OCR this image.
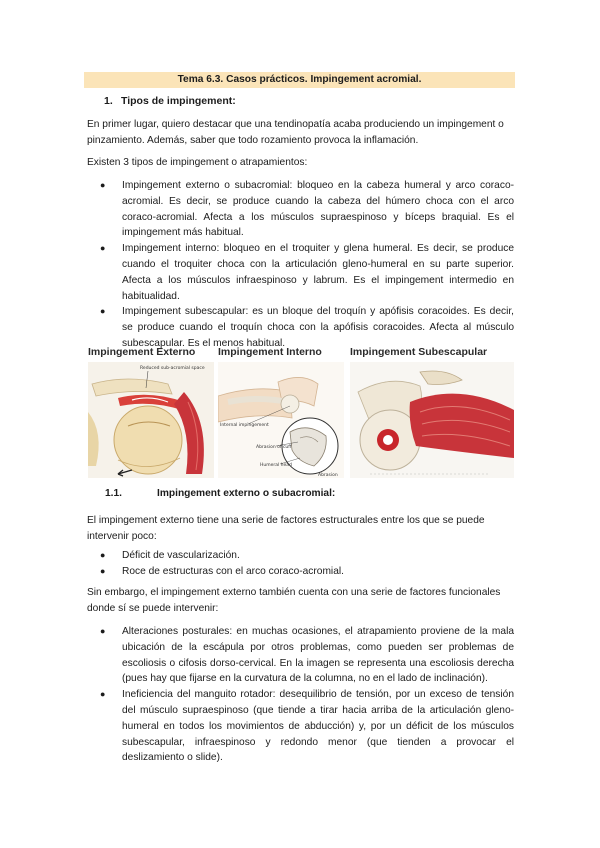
Tema 6.3. Casos prácticos. Impingement acromial.
1. Tipos de impingement:
En primer lugar, quiero destacar que una tendinopatía acaba produciendo un impingement o pinzamiento. Además, saber que todo rozamiento provoca la inflamación.
Existen 3 tipos de impingement o atrapamientos:
● Impingement externo o subacromial: bloqueo en la cabeza humeral y arco coraco-acromial. Es decir, se produce cuando la cabeza del húmero choca con el arco coraco-acromial. Afecta a los músculos supraespinoso y bíceps braquial. Es el impingement más habitual.
● Impingement interno: bloqueo en el troquiter y glena humeral. Es decir, se produce cuando el troquiter choca con la articulación gleno-humeral en su parte superior. Afecta a los músculos infraespinoso y labrum. Es el impingement intermedio en habitualidad.
● Impingement subescapular: es un bloque del troquín y apófisis coracoides. Es decir, se produce cuando el troquín choca con la apófisis coracoides. Afecta al músculo subescapular. Es el menos habitual.
Impingement Externo
Reduced sub-acromial space
Impingement Interno
Internal impingement
Abrasion of cuff
Humeral head
Abrasion
Impingement Subescapular
1.1.	Impingement externo o subacromial:
El impingement externo tiene una serie de factores estructurales entre los que se puede intervenir poco:
● Déficit de vascularización.
● Roce de estructuras con el arco coraco-acromial.
Sin embargo, el impingement externo también cuenta con una serie de factores funcionales donde sí se puede intervenir:
● Alteraciones posturales: en muchas ocasiones, el atrapamiento proviene de la mala ubicación de la escápula por otros problemas, como pueden ser problemas de escoliosis o cifosis dorso-cervical. En la imagen se representa una escoliosis derecha (pues hay que fijarse en la curvatura de la columna, no en el lado de inclinación).
● Ineficiencia del manguito rotador: desequilibrio de tensión, por un exceso de tensión del músculo supraespinoso (que tiende a tirar hacia arriba de la articulación gleno-humeral en todos los movimientos de abducción) y, por un déficit de los músculos subescapular, infraespinoso y redondo menor (que tienden a provocar el deslizamiento o slide).
